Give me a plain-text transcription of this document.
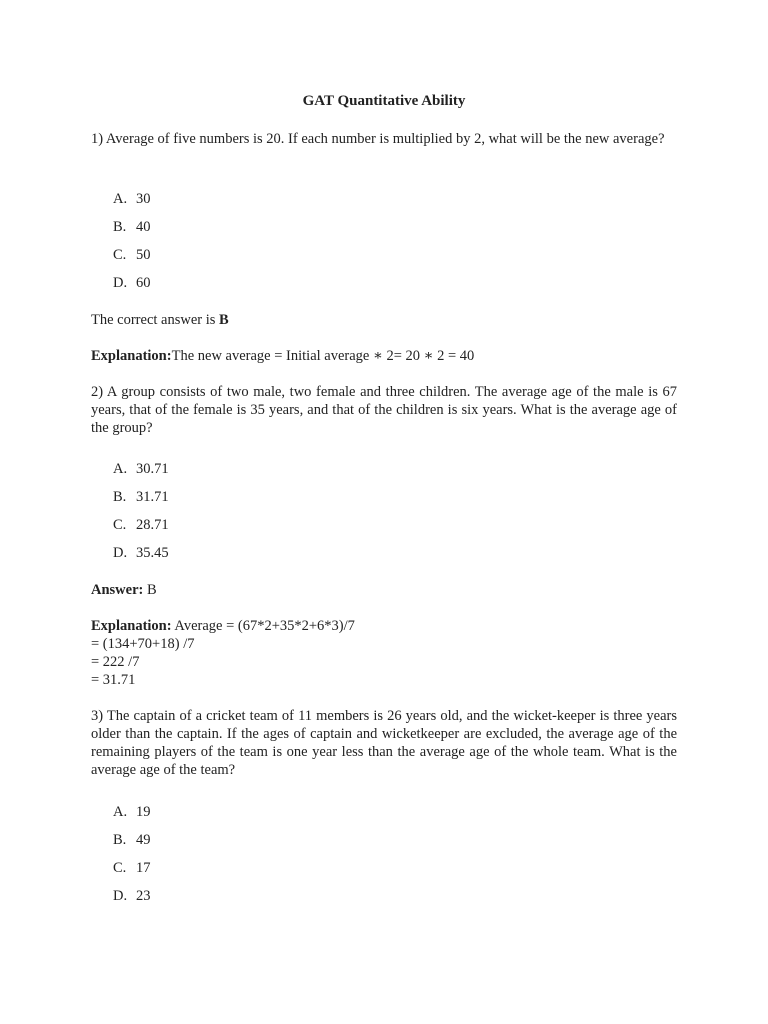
GAT Quantitative Ability
1) Average of five numbers is 20. If each number is multiplied by 2, what will be the new average?
A. 30
B. 40
C. 50
D. 60
The correct answer is B
Explanation:The new average = Initial average ∗ 2= 20 ∗ 2 = 40
2) A group consists of two male, two female and three children. The average age of the male is 67 years, that of the female is 35 years, and that of the children is six years. What is the average age of the group?
A. 30.71
B. 31.71
C. 28.71
D. 35.45
Answer: B
Explanation: Average = (67*2+35*2+6*3)/7
= (134+70+18) /7
= 222 /7
= 31.71
3) The captain of a cricket team of 11 members is 26 years old, and the wicket-keeper is three years older than the captain. If the ages of captain and wicketkeeper are excluded, the average age of the remaining players of the team is one year less than the average age of the whole team. What is the average age of the team?
A. 19
B. 49
C. 17
D. 23
